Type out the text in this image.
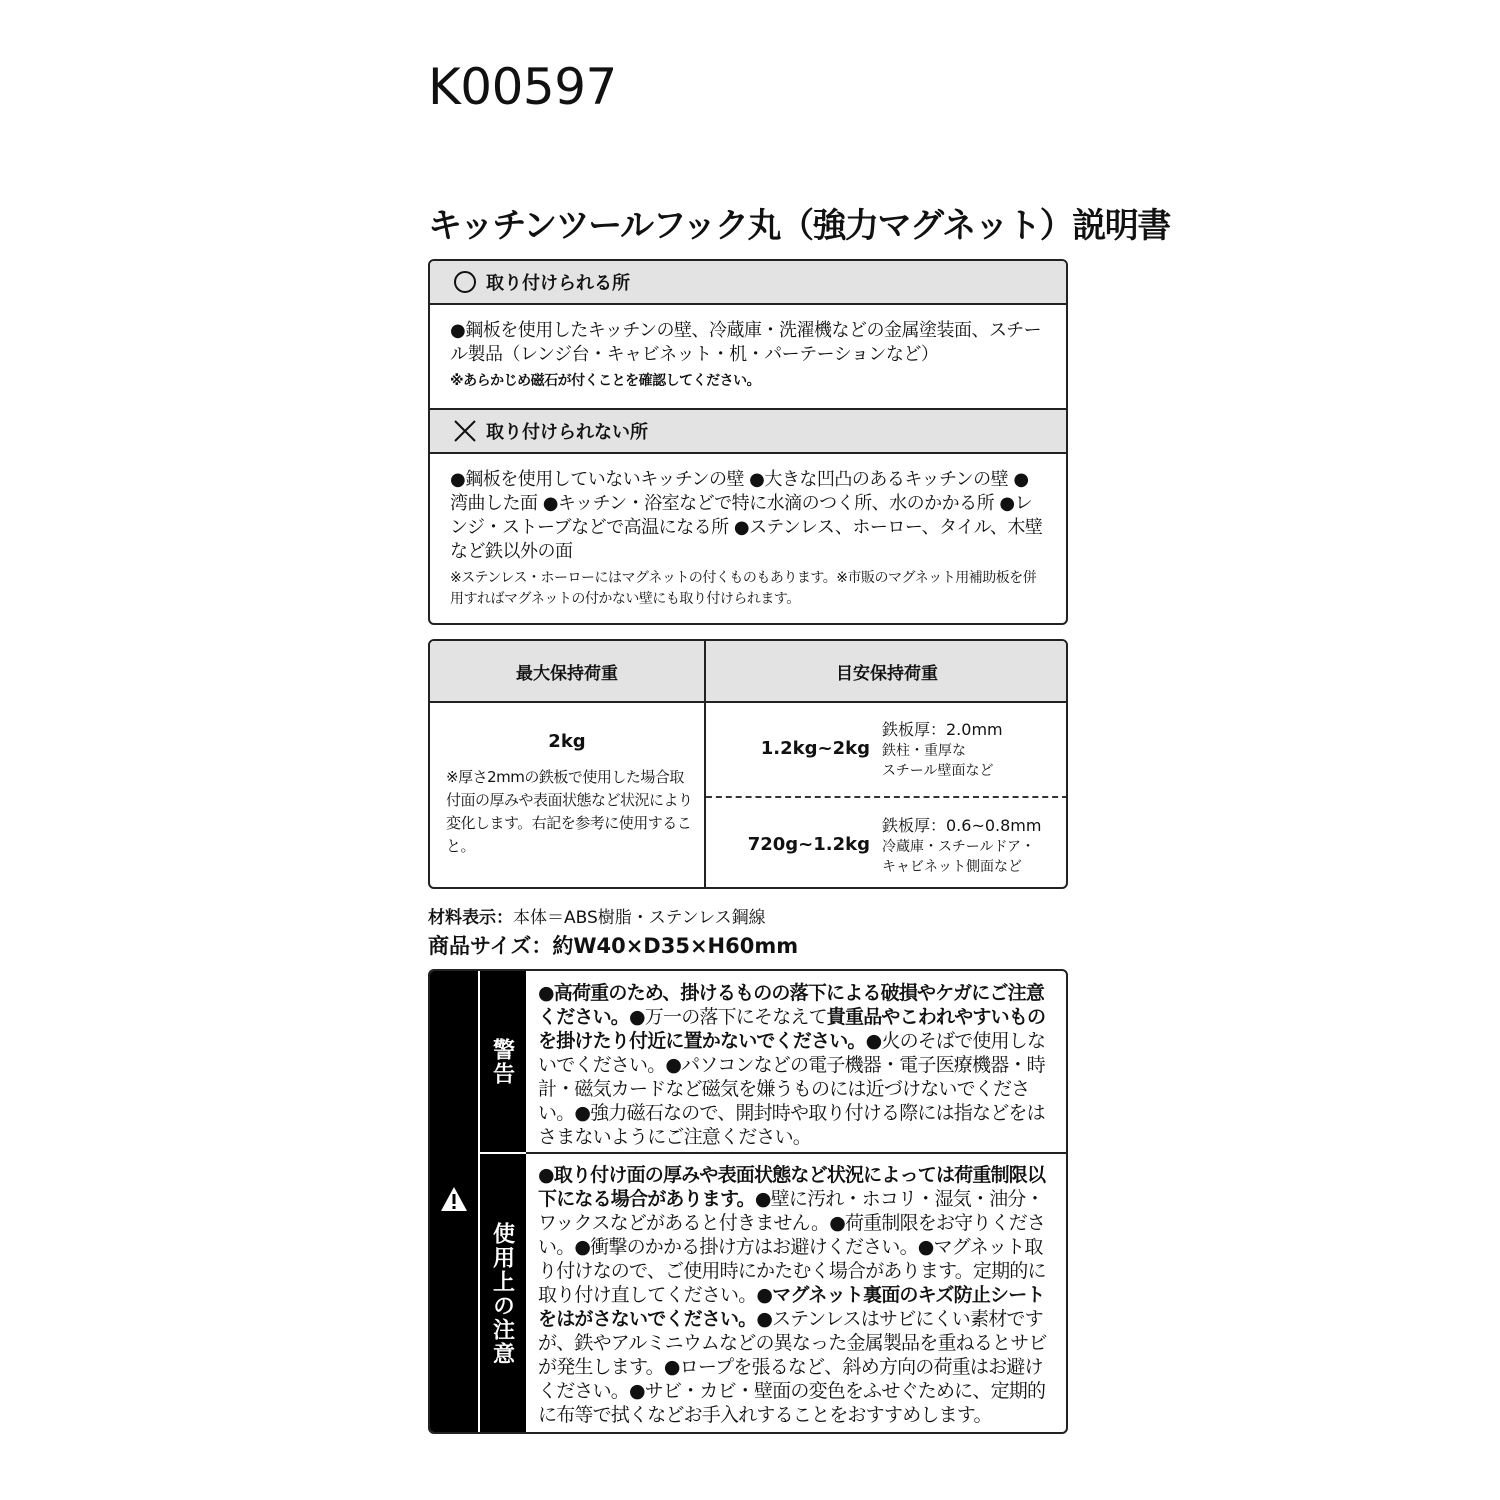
K00597
キッチンツールフック丸（強力マグネット）説明書
取り付けられる所

●鋼板を使用したキッチンの壁、冷蔵庫・洗濯機などの金属塗装面、スチール製品（レンジ台・キャビネット・机・パーテーションなど）

※あらかじめ磁石が付くことを確認してください。

取り付けられない所

●鋼板を使用していないキッチンの壁 ●大きな凹凸のあるキッチンの壁 ●湾曲した面 ●キッチン・浴室などで特に水滴のつく所、水のかかる所 ●レンジ・ストーブなどで高温になる所 ●ステンレス、ホーロー、タイル、木壁など鉄以外の面

※ステンレス・ホーローにはマグネットの付くものもあります。※市販のマグネット用補助板を併用すればマグネットの付かない壁にも取り付けられます。

最大保持荷重	目安保持荷重
2kg
※厚さ2mmの鉄板で使用した場合取付面の厚みや表面状態など状況により変化します。右記を参考に使用すること。
1.2kg~2kg
鉄板厚：2.0mm
鉄柱・重厚な
スチール壁面など
720g~1.2kg
鉄板厚：0.6~0.8mm
冷蔵庫・スチールドア・
キャビネット側面など
材料表示：本体＝ABS樹脂・ステンレス鋼線
商品サイズ：約W40×D35×H60mm
警告
使用上の注意
●高荷重のため、掛けるものの落下による破損やケガにご注意ください。●万一の落下にそなえて貴重品やこわれやすいものを掛けたり付近に置かないでください。●火のそばで使用しないでください。●パソコンなどの電子機器・電子医療機器・時計・磁気カードなど磁気を嫌うものには近づけないでください。●強力磁石なので、開封時や取り付ける際には指などをはさまないようにご注意ください。
●取り付け面の厚みや表面状態など状況によっては荷重制限以下になる場合があります。●壁に汚れ・ホコリ・湿気・油分・ワックスなどがあると付きません。●荷重制限をお守りください。●衝撃のかかる掛け方はお避けください。●マグネット取り付けなので、ご使用時にかたむく場合があります。定期的に取り付け直してください。●マグネット裏面のキズ防止シートをはがさないでください。●ステンレスはサビにくい素材ですが、鉄やアルミニウムなどの異なった金属製品を重ねるとサビが発生します。●ロープを張るなど、斜め方向の荷重はお避けください。●サビ・カビ・壁面の変色をふせぐために、定期的に布等で拭くなどお手入れすることをおすすめします。
